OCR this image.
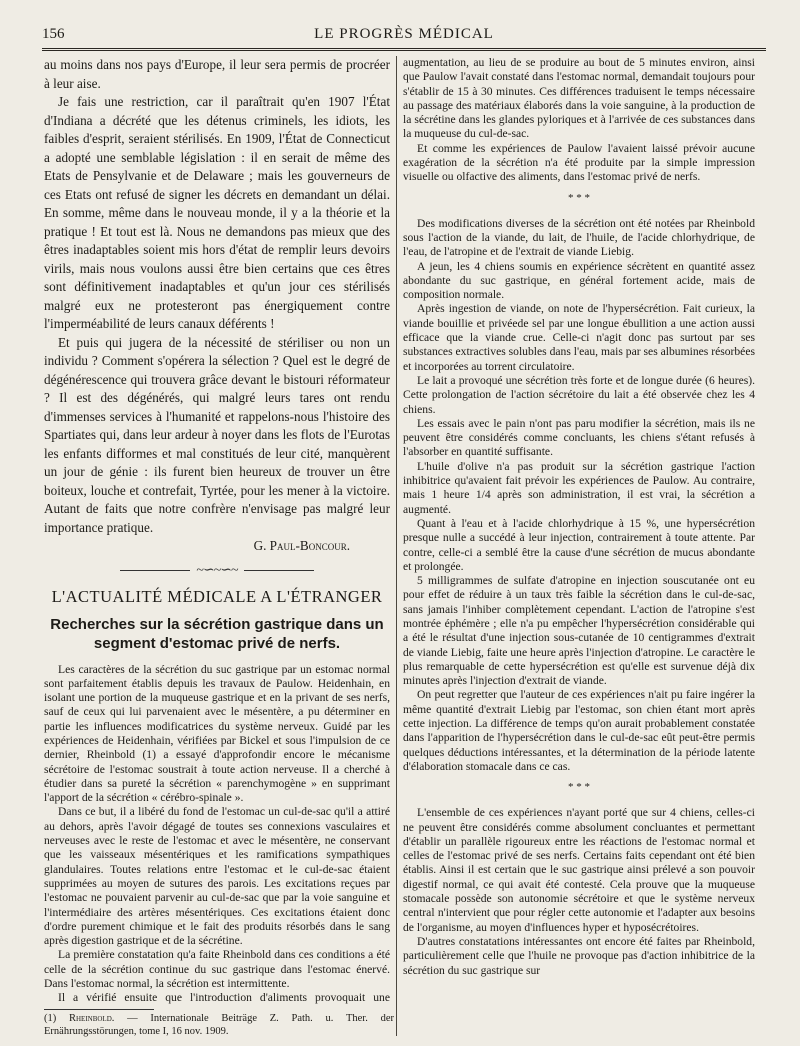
156	LE PROGRÈS MÉDICAL

au moins dans nos pays d'Europe, il leur sera permis de procréer à leur aise.

Je fais une restriction, car il paraîtrait qu'en 1907 l'État d'Indiana a décrété que les détenus criminels, les idiots, les faibles d'esprit, seraient stérilisés. En 1909, l'État de Connecticut a adopté une semblable législation : il en serait de même des Etats de Pensylvanie et de Delaware ; mais les gouverneurs de ces Etats ont refusé de signer les décrets en demandant un délai. En somme, même dans le nouveau monde, il y a la théorie et la pratique ! Et tout est là. Nous ne demandons pas mieux que des êtres inadaptables soient mis hors d'état de remplir leurs devoirs virils, mais nous voulons aussi être bien certains que ces êtres sont définitivement inadaptables et qu'un jour ces stérilisés malgré eux ne protesteront pas énergiquement contre l'imperméabilité de leurs canaux déférents !

Et puis qui jugera de la nécessité de stériliser ou non un individu ? Comment s'opérera la sélection ? Quel est le degré de dégénérescence qui trouvera grâce devant le bistouri réformateur ? Il est des dégénérés, qui malgré leurs tares ont rendu d'immenses services à l'humanité et rappelons-nous l'histoire des Spartiates qui, dans leur ardeur à noyer dans les flots de l'Eurotas les enfants difformes et mal constitués de leur cité, manquèrent un jour de génie : ils furent bien heureux de trouver un être boiteux, louche et contrefait, Tyrtée, pour les mener à la victoire. Autant de faits que notre confrère n'envisage pas malgré leur importance pratique.

G. Paul-Boncour.

~∽~∽~
L'ACTUALITÉ MÉDICALE A L'ÉTRANGER
Recherches sur la sécrétion gastrique dans un segment d'estomac privé de nerfs.

Les caractères de la sécrétion du suc gastrique par un estomac normal sont parfaitement établis depuis les travaux de Paulow. Heidenhain, en isolant une portion de la muqueuse gastrique et en la privant de ses nerfs, sauf de ceux qui lui parvenaient avec le mésentère, a pu déterminer en partie les influences modificatrices du système nerveux. Guidé par les expériences de Heidenhain, vérifiées par Bickel et sous l'impulsion de ce dernier, Rheinbold (1) a essayé d'approfondir encore le mécanisme sécrétoire de l'estomac soustrait à toute action nerveuse. Il a cherché à étudier dans sa pureté la sécrétion « parenchymogène » en supprimant l'apport de la sécrétion « cérébro-spinale ».

Dans ce but, il a libéré du fond de l'estomac un cul-de-sac qu'il a attiré au dehors, après l'avoir dégagé de toutes ses connexions vasculaires et nerveuses avec le reste de l'estomac et avec le mésentère, ne conservant que les vaisseaux mésentériques et les ramifications sympathiques glandulaires. Toutes relations entre l'estomac et le cul-de-sac étaient supprimées au moyen de sutures des parois. Les excitations reçues par l'estomac ne pouvaient parvenir au cul-de-sac que par la voie sanguine et l'intermédiaire des artères mésentériques. Ces excitations étaient donc d'ordre purement chimique et le fait des produits résorbés dans le sang après digestion gastrique et de la sécrétine.

La première constatation qu'a faite Rheinbold dans ces conditions a été celle de la sécrétion continue du suc gastrique dans l'estomac énervé. Dans l'estomac normal, la sécrétion est intermittente.

Il a vérifié ensuite que l'introduction d'aliments provoquait une

(1) Rheinbold. — Internationale Beiträge Z. Path. u. Ther. der Ernährungsstörungen, tome I, 16 nov. 1909.

augmentation, au lieu de se produire au bout de 5 minutes environ, ainsi que Paulow l'avait constaté dans l'estomac normal, demandait toujours pour s'établir de 15 à 30 minutes. Ces différences traduisent le temps nécessaire au passage des matériaux élaborés dans la voie sanguine, à la production de la sécrétine dans les glandes pyloriques et à l'arrivée de ces substances dans la muqueuse du cul-de-sac.

Et comme les expériences de Paulow l'avaient laissé prévoir aucune exagération de la sécrétion n'a été produite par la simple impression visuelle ou olfactive des aliments, dans l'estomac privé de nerfs.

* * *

Des modifications diverses de la sécrétion ont été notées par Rheinbold sous l'action de la viande, du lait, de l'huile, de l'acide chlorhydrique, de l'eau, de l'atropine et de l'extrait de viande Liebig.

A jeun, les 4 chiens soumis en expérience sécrètent en quantité assez abondante du suc gastrique, en général fortement acide, mais de composition normale.

Après ingestion de viande, on note de l'hypersécrétion. Fait curieux, la viande bouillie et privéede sel par une longue ébullition a une action aussi efficace que la viande crue. Celle-ci n'agit donc pas surtout par ses substances extractives solubles dans l'eau, mais par ses albumines résorbées et incorporées au torrent circulatoire.

Le lait a provoqué une sécrétion très forte et de longue durée (6 heures). Cette prolongation de l'action sécrétoire du lait a été observée chez les 4 chiens.

Les essais avec le pain n'ont pas paru modifier la sécrétion, mais ils ne peuvent être considérés comme concluants, les chiens s'étant refusés à l'absorber en quantité suffisante.

L'huile d'olive n'a pas produit sur la sécrétion gastrique l'action inhibitrice qu'avaient fait prévoir les expériences de Paulow. Au contraire, mais 1 heure 1/4 après son administration, il est vrai, la sécrétion a augmenté.

Quant à l'eau et à l'acide chlorhydrique à 15 %, une hypersécrétion presque nulle a succédé à leur injection, contrairement à toute attente. Par contre, celle-ci a semblé être la cause d'une sécrétion de mucus abondante et prolongée.

5 milligrammes de sulfate d'atropine en injection souscutanée ont eu pour effet de réduire à un taux très faible la sécrétion dans le cul-de-sac, sans jamais l'inhiber complètement cependant. L'action de l'atropine s'est montrée éphémère ; elle n'a pu empêcher l'hypersécrétion considérable qui a été le résultat d'une injection sous-cutanée de 10 centigrammes d'extrait de viande Liebig, faite une heure après l'injection d'atropine. Le caractère le plus remarquable de cette hypersécrétion est qu'elle est survenue déjà dix minutes après l'injection d'extrait de viande.

On peut regretter que l'auteur de ces expériences n'ait pu faire ingérer la même quantité d'extrait Liebig par l'estomac, son chien étant mort après cette injection. La différence de temps qu'on aurait probablement constatée dans l'apparition de l'hypersécrétion dans le cul-de-sac eût peut-être permis quelques déductions intéressantes, et la détermination de la période latente d'élaboration stomacale dans ce cas.

* * *

L'ensemble de ces expériences n'ayant porté que sur 4 chiens, celles-ci ne peuvent être considérés comme absolument concluantes et permettant d'établir un parallèle rigoureux entre les réactions de l'estomac normal et celles de l'estomac privé de ses nerfs. Certains faits cependant ont été bien établis. Ainsi il est certain que le suc gastrique ainsi prélevé a son pouvoir digestif normal, ce qui avait été contesté. Cela prouve que la muqueuse stomacale possède son autonomie sécrétoire et que le système nerveux central n'intervient que pour régler cette autonomie et l'adapter aux besoins de l'organisme, au moyen d'influences hyper et hyposécrétoires.

D'autres constatations intéressantes ont encore été faites par Rheinbold, particulièrement celle que l'huile ne provoque pas d'action inhibitrice de la sécrétion du suc gastrique sur
